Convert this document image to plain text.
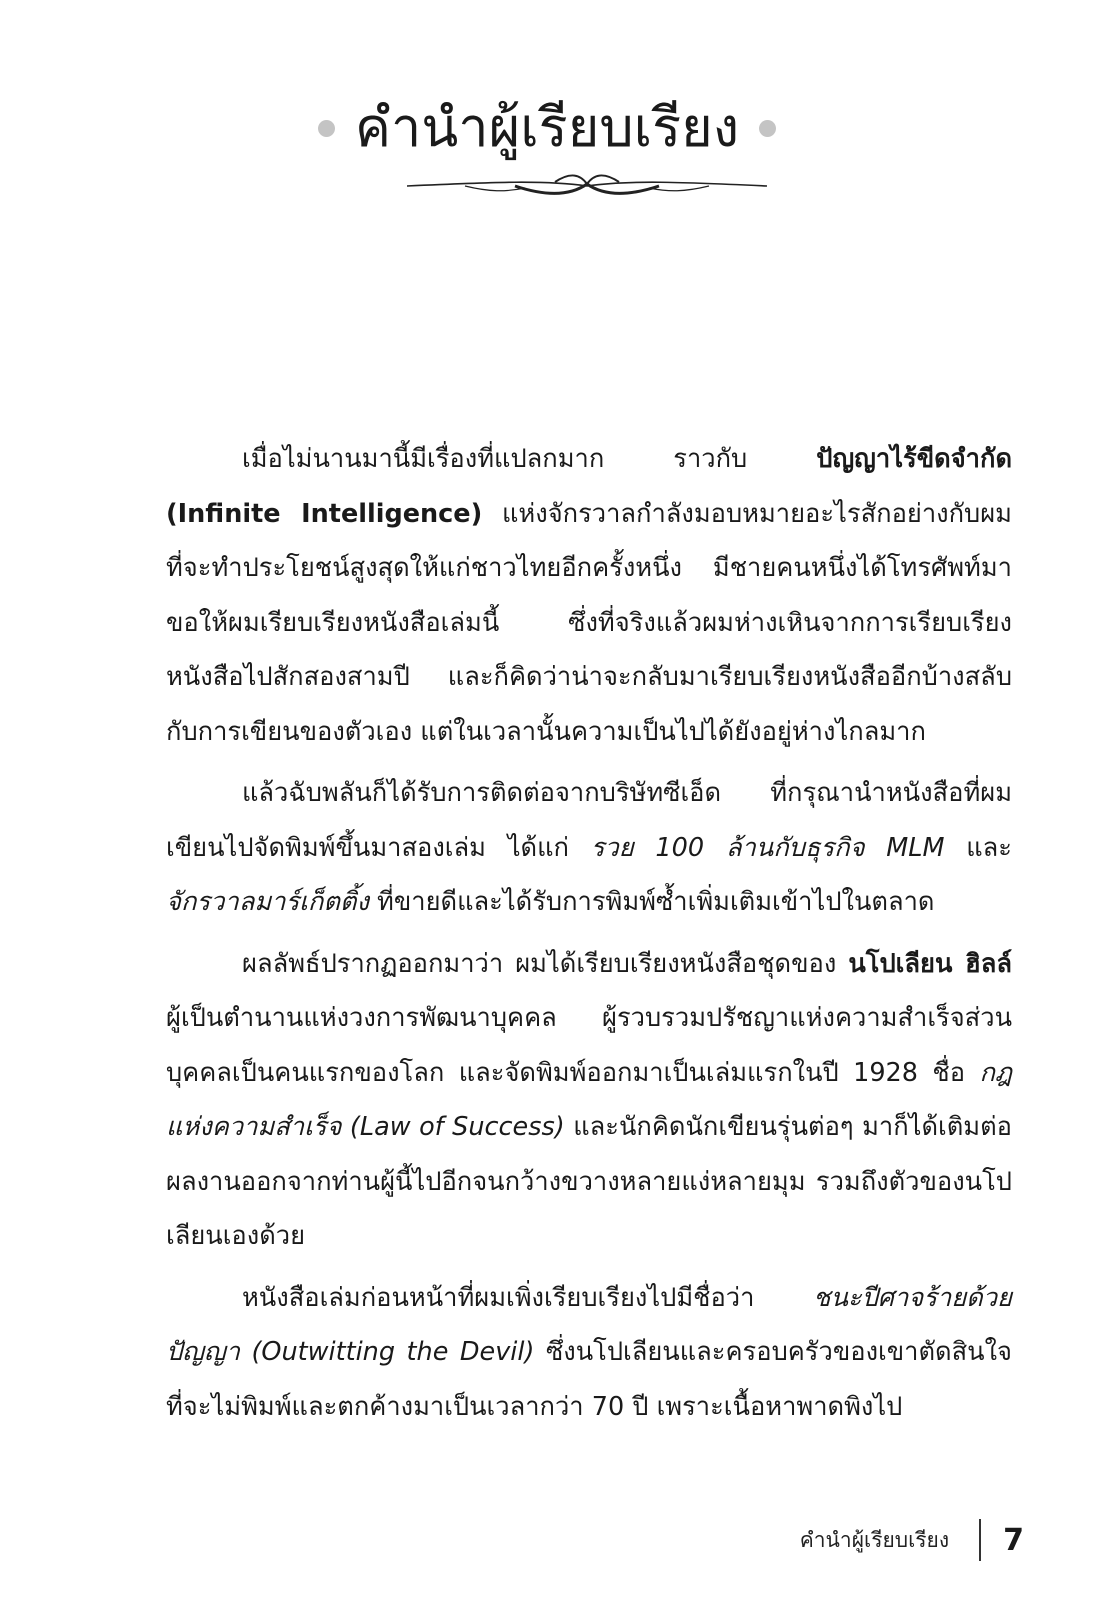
คำนำผู้เรียบเรียง

เมื่อไม่นานมานี้มีเรื่องที่แปลกมาก ราวกับ ปัญญาไร้ขีดจำกัด (Infinite Intelligence) แห่งจักรวาลกำลังมอบหมายอะไรสักอย่างกับผม ที่จะทำประโยชน์สูงสุดให้แก่ชาวไทยอีกครั้งหนึ่ง มีชายคนหนึ่งได้โทรศัพท์มาขอให้ผมเรียบเรียงหนังสือเล่มนี้ ซึ่งที่จริงแล้วผมห่างเหินจากการเรียบเรียงหนังสือไปสักสองสามปี และก็คิดว่าน่าจะกลับมาเรียบเรียงหนังสืออีกบ้างสลับกับการเขียนของตัวเอง แต่ในเวลานั้นความเป็นไปได้ยังอยู่ห่างไกลมาก

แล้วฉับพลันก็ได้รับการติดต่อจากบริษัทซีเอ็ด ที่กรุณานำหนังสือที่ผมเขียนไปจัดพิมพ์ขึ้นมาสองเล่ม ได้แก่ รวย 100 ล้านกับธุรกิจ MLM และ จักรวาลมาร์เก็ตติ้ง ที่ขายดีและได้รับการพิมพ์ซ้ำเพิ่มเติมเข้าไปในตลาด

ผลลัพธ์ปรากฏออกมาว่า ผมได้เรียบเรียงหนังสือชุดของ นโปเลียน ฮิลล์ ผู้เป็นตำนานแห่งวงการพัฒนาบุคคล ผู้รวบรวมปรัชญาแห่งความสำเร็จส่วนบุคคลเป็นคนแรกของโลก และจัดพิมพ์ออกมาเป็นเล่มแรกในปี 1928 ชื่อ กฎแห่งความสำเร็จ (Law of Success) และนักคิดนักเขียนรุ่นต่อๆ มาก็ได้เติมต่อผลงานออกจากท่านผู้นี้ไปอีกจนกว้างขวางหลายแง่หลายมุม รวมถึงตัวของนโปเลียนเองด้วย

หนังสือเล่มก่อนหน้าที่ผมเพิ่งเรียบเรียงไปมีชื่อว่า ชนะปีศาจร้ายด้วยปัญญา (Outwitting the Devil) ซึ่งนโปเลียนและครอบครัวของเขาตัดสินใจที่จะไม่พิมพ์และตกค้างมาเป็นเวลากว่า 70 ปี เพราะเนื้อหาพาดพิงไป

คำนำผู้เรียบเรียง 7
